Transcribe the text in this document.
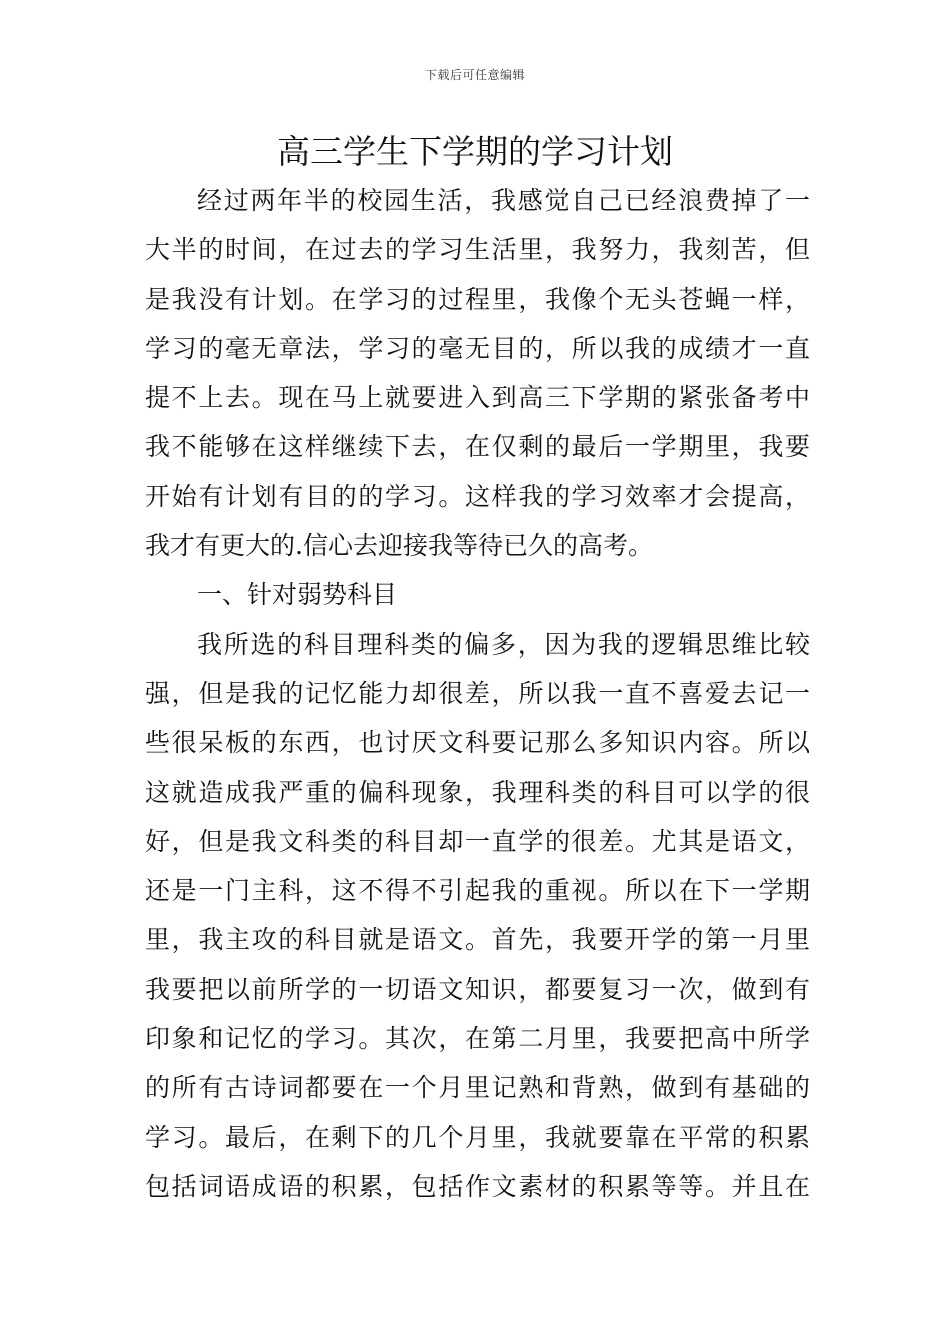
下载后可任意编辑
高三学生下学期的学习计划
经过两年半的校园生活，我感觉自己已经浪费掉了一
大半的时间，在过去的学习生活里，我努力，我刻苦，但
是我没有计划。在学习的过程里，我像个无头苍蝇一样，
学习的毫无章法，学习的毫无目的，所以我的成绩才一直
提不上去。现在马上就要进入到高三下学期的紧张备考中
我不能够在这样继续下去，在仅剩的最后一学期里，我要
开始有计划有目的的学习。这样我的学习效率才会提高，
我才有更大的.信心去迎接我等待已久的高考。
一、针对弱势科目
我所选的科目理科类的偏多，因为我的逻辑思维比较
强，但是我的记忆能力却很差，所以我一直不喜爱去记一
些很呆板的东西，也讨厌文科要记那么多知识内容。所以
这就造成我严重的偏科现象，我理科类的科目可以学的很
好，但是我文科类的科目却一直学的很差。尤其是语文，
还是一门主科，这不得不引起我的重视。所以在下一学期
里，我主攻的科目就是语文。首先，我要开学的第一月里
我要把以前所学的一切语文知识，都要复习一次，做到有
印象和记忆的学习。其次，在第二月里，我要把高中所学
的所有古诗词都要在一个月里记熟和背熟，做到有基础的
学习。最后，在剩下的几个月里，我就要靠在平常的积累
包括词语成语的积累，包括作文素材的积累等等。并且在
